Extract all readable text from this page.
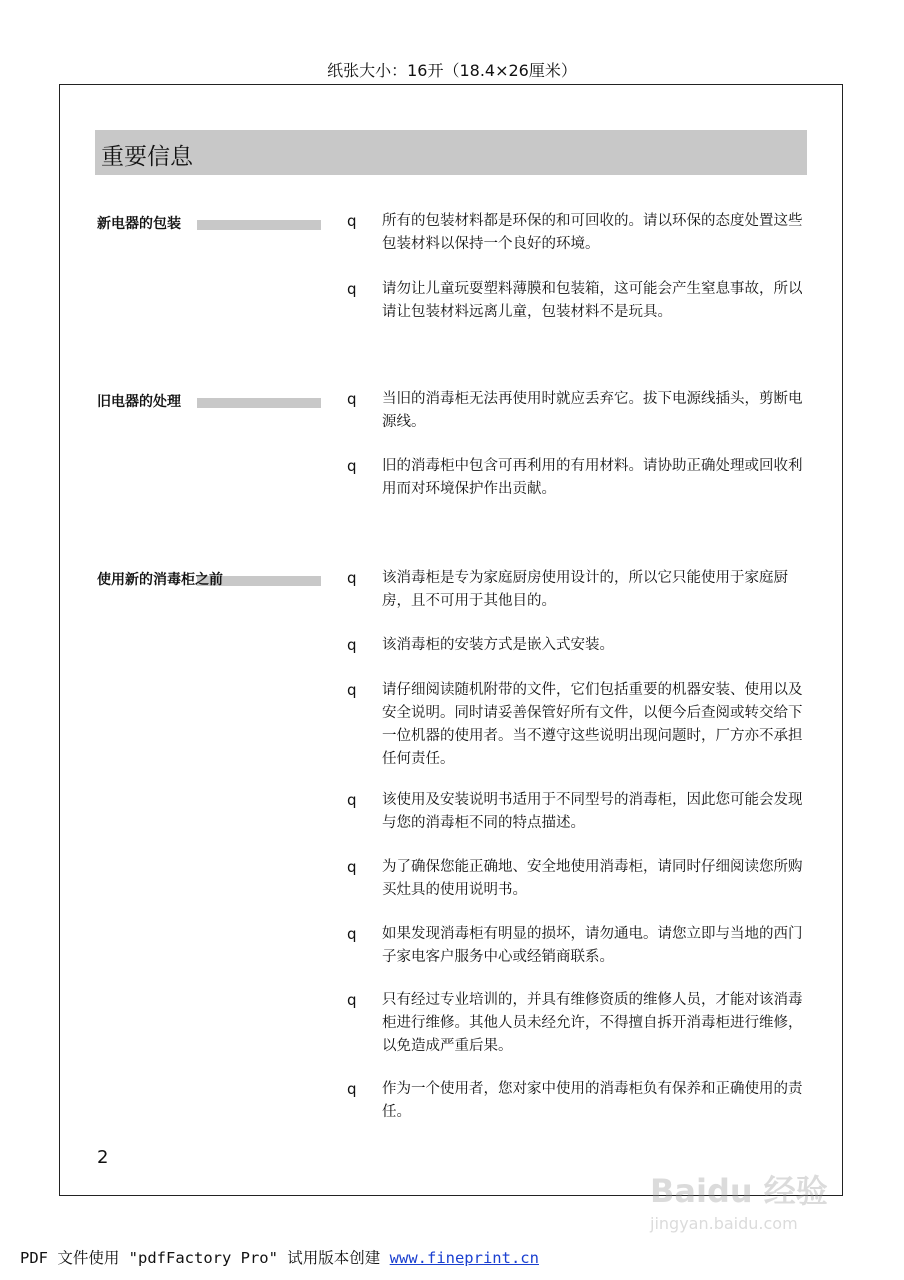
纸张大小：16开（18.4×26厘米）
重要信息
新电器的包装	q 所有的包装材料都是环保的和可回收的。请以环保的态度处置这些包装材料以保持一个良好的环境。
q 请勿让儿童玩耍塑料薄膜和包装箱，这可能会产生窒息事故，所以请让包装材料远离儿童，包装材料不是玩具。
旧电器的处理	q 当旧的消毒柜无法再使用时就应丢弃它。拔下电源线插头，剪断电源线。
q 旧的消毒柜中包含可再利用的有用材料。请协助正确处理或回收利用而对环境保护作出贡献。
使用新的消毒柜之前	q 该消毒柜是专为家庭厨房使用设计的，所以它只能使用于家庭厨房，且不可用于其他目的。
q 该消毒柜的安装方式是嵌入式安装。
q 请仔细阅读随机附带的文件，它们包括重要的机器安装、使用以及安全说明。同时请妥善保管好所有文件，以便今后查阅或转交给下一位机器的使用者。当不遵守这些说明出现问题时，厂方亦不承担任何责任。
q 该使用及安装说明书适用于不同型号的消毒柜，因此您可能会发现与您的消毒柜不同的特点描述。
q 为了确保您能正确地、安全地使用消毒柜，请同时仔细阅读您所购买灶具的使用说明书。
q 如果发现消毒柜有明显的损坏，请勿通电。请您立即与当地的西门子家电客户服务中心或经销商联系。
q 只有经过专业培训的，并具有维修资质的维修人员，才能对该消毒柜进行维修。其他人员未经允许，不得擅自拆开消毒柜进行维修，以免造成严重后果。
q 作为一个使用者，您对家中使用的消毒柜负有保养和正确使用的责任。
2
Baidu 经验
jingyan.baidu.com
PDF 文件使用 "pdfFactory Pro" 试用版本创建 www.fineprint.cn
